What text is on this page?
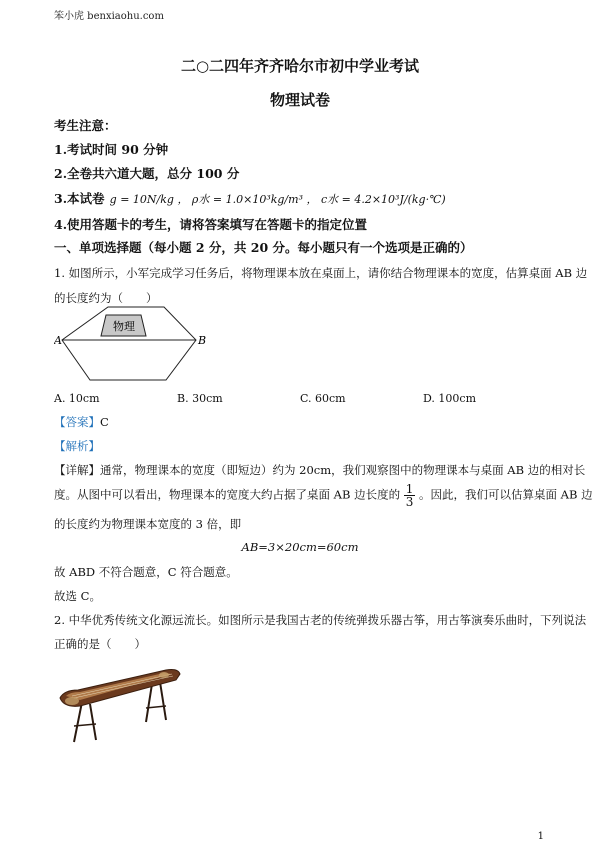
笨小虎 benxiaohu.com
二○二四年齐齐哈尔市初中学业考试
物理试卷
考生注意：
1.考试时间 90 分钟
2.全卷共六道大题，总分 100 分
3.本试卷 g = 10N/kg ， ρ水 = 1.0×10³kg/m³ ， c水 = 4.2×10³J/(kg·℃)
4.使用答题卡的考生，请将答案填写在答题卡的指定位置
一、单项选择题（每小题 2 分，共 20 分。每小题只有一个选项是正确的）
1. 如图所示，小军完成学习任务后，将物理课本放在桌面上，请你结合物理课本的宽度，估算桌面 AB 边
的长度约为（　　）
物理
A	B
A. 10cm	B. 30cm	C. 60cm	D. 100cm
【答案】C
【解析】
【详解】通常，物理课本的宽度（即短边）约为 20cm，我们观察图中的物理课本与桌面 AB 边的相对长
度。从图中可以看出，物理课本的宽度大约占据了桌面 AB 边长度的 $\frac{1}{3}$ 。因此，我们可以估算桌面 AB 边
的长度约为物理课本宽度的 3 倍，即
AB=3×20cm=60cm
故 ABD 不符合题意，C 符合题意。
故选 C。
2. 中华优秀传统文化源远流长。如图所示是我国古老的传统弹拨乐器古筝，用古筝演奏乐曲时，下列说法
正确的是（　　）
1
